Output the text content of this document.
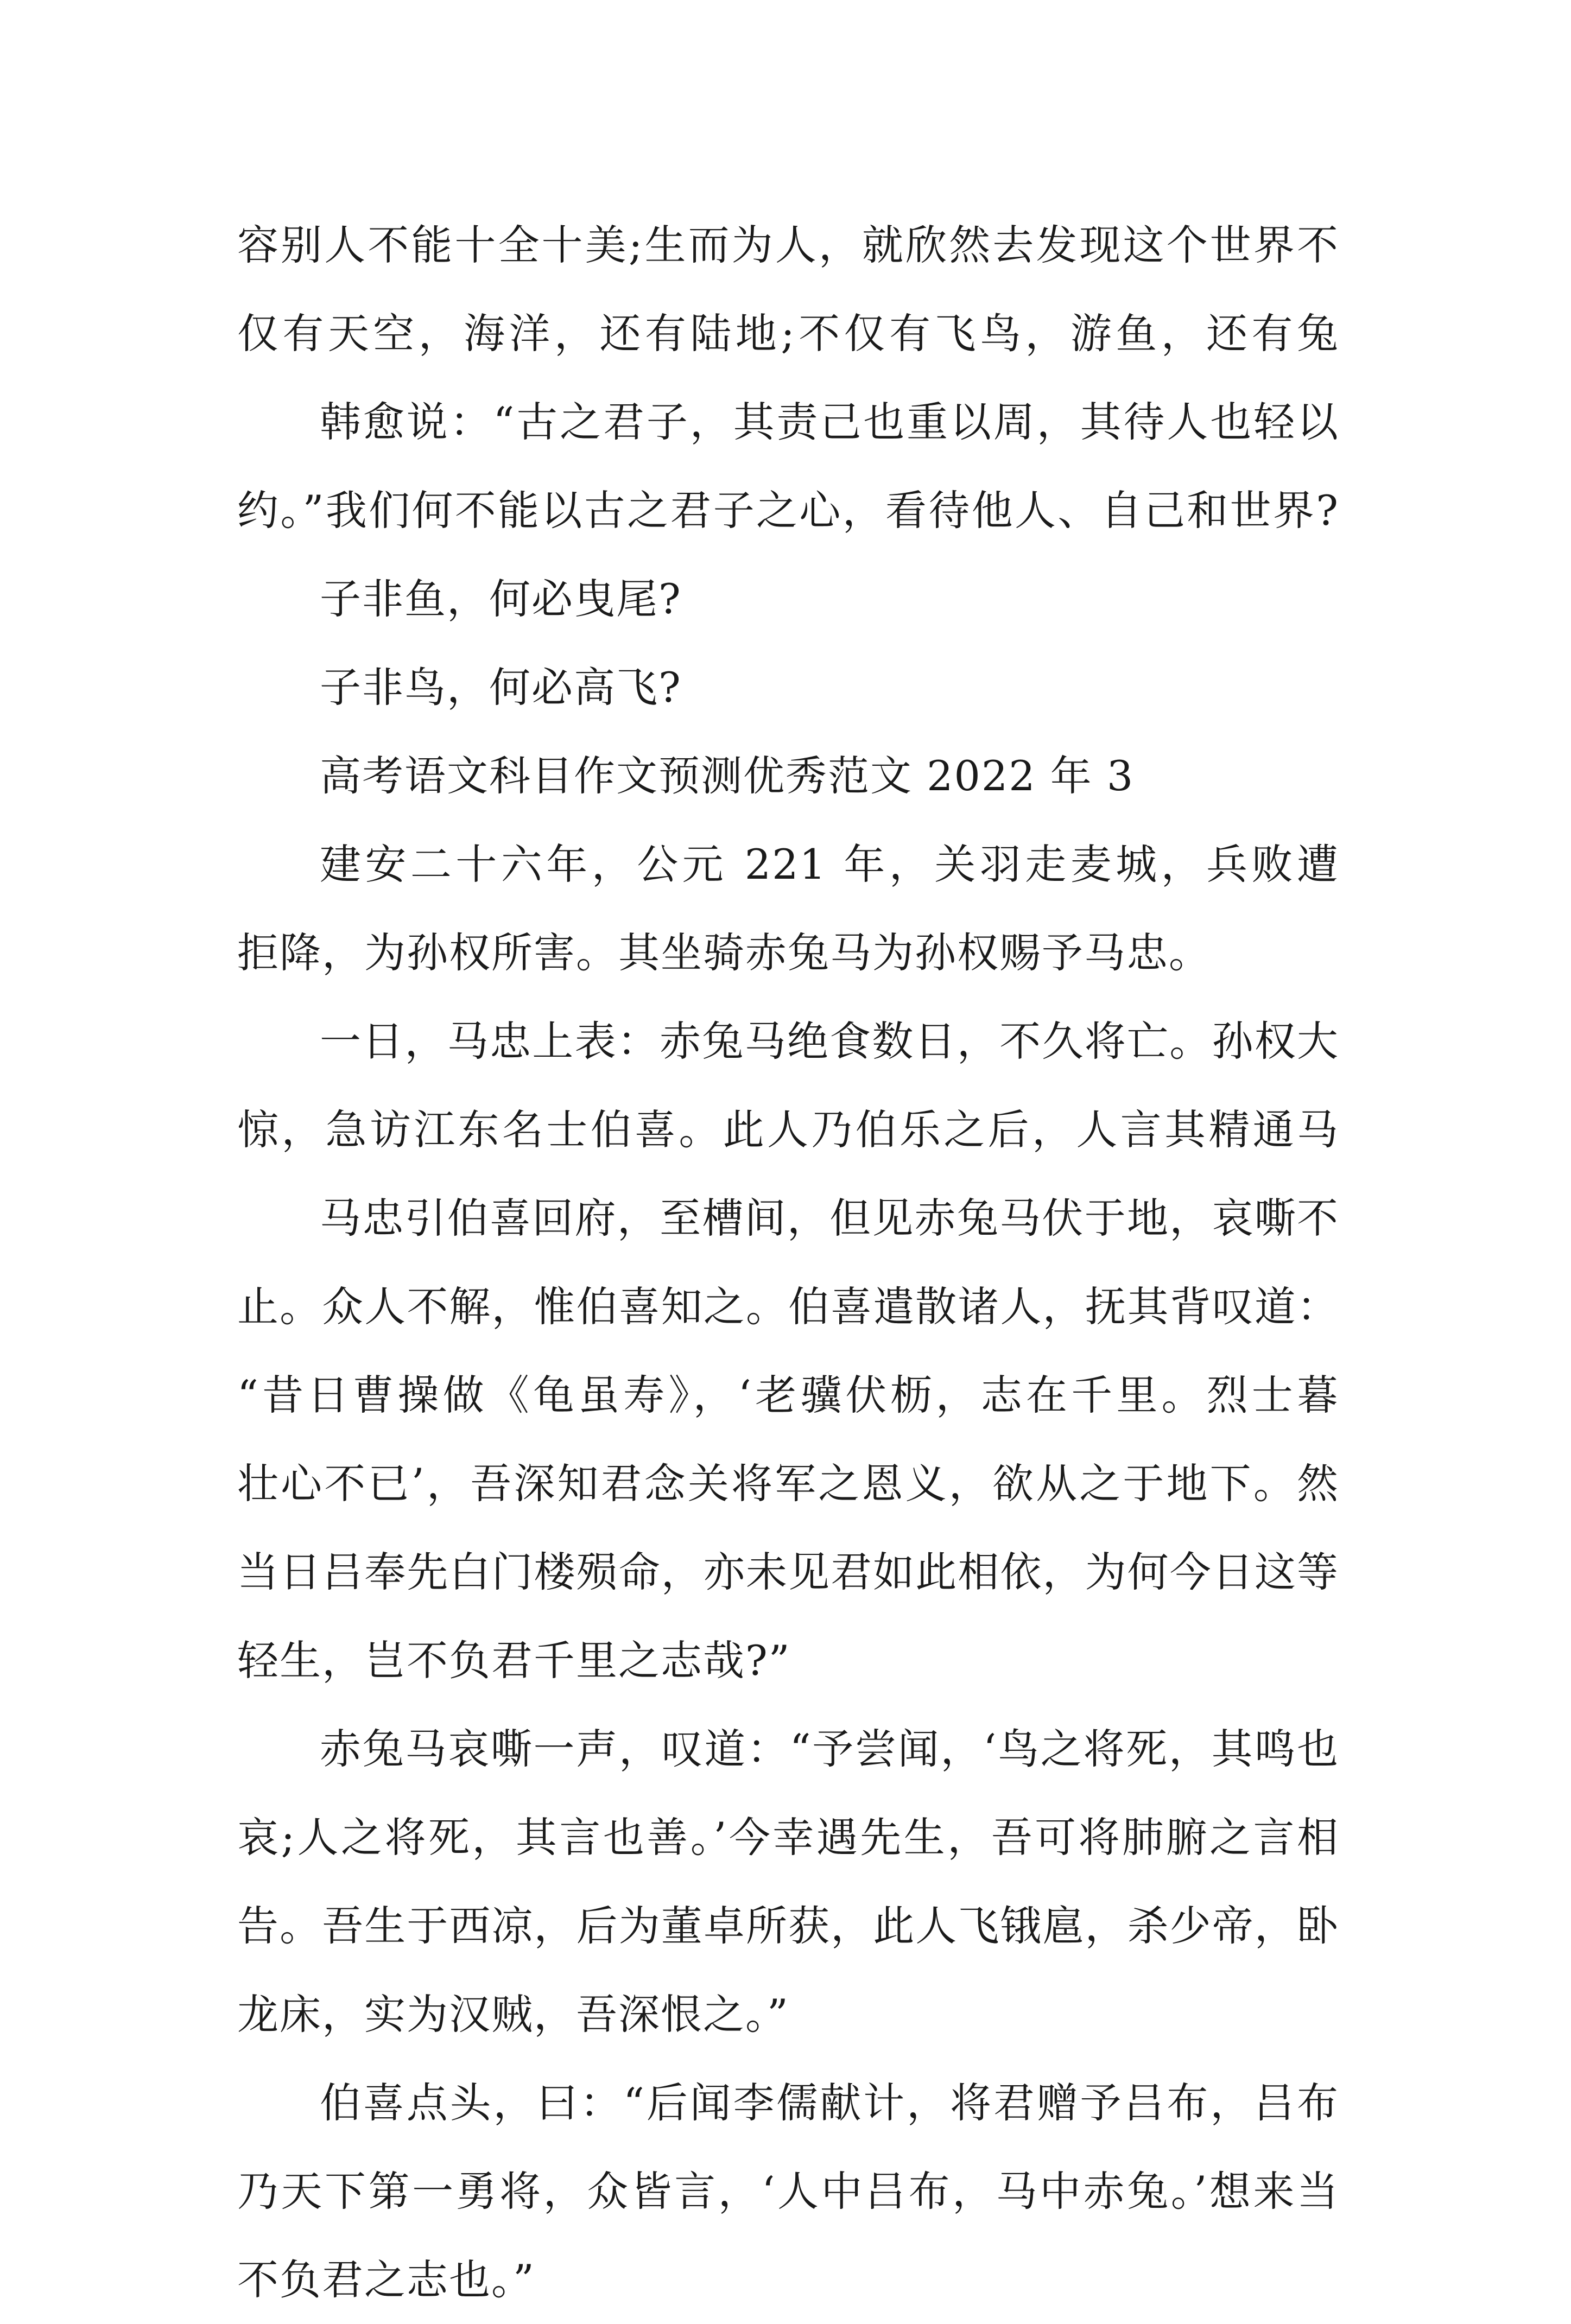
容别人不能十全十美;生而为人，就欣然去发现这个世界不
仅有天空，海洋，还有陆地;不仅有飞鸟，游鱼，还有兔
韩愈说：“古之君子，其责己也重以周，其待人也轻以
约。”我们何不能以古之君子之心，看待他人、自己和世界?
子非鱼，何必曳尾?
子非鸟，何必高飞?
高考语文科目作文预测优秀范文 2022 年 3
建安二十六年，公元 221 年，关羽走麦城，兵败遭
拒降，为孙权所害。其坐骑赤兔马为孙权赐予马忠。
一日，马忠上表：赤兔马绝食数日，不久将亡。孙权大
惊，急访江东名士伯喜。此人乃伯乐之后，人言其精通马
马忠引伯喜回府，至槽间，但见赤兔马伏于地，哀嘶不
止。众人不解，惟伯喜知之。伯喜遣散诸人，抚其背叹道：
“昔日曹操做《龟虽寿》，‘老骥伏枥，志在千里。烈士暮
壮心不已’，吾深知君念关将军之恩义，欲从之于地下。然
当日吕奉先白门楼殒命，亦未见君如此相依，为何今日这等
轻生，岂不负君千里之志哉?”
赤兔马哀嘶一声，叹道：“予尝闻，‘鸟之将死，其鸣也
哀;人之将死，其言也善。’今幸遇先生，吾可将肺腑之言相
告。吾生于西凉，后为董卓所获，此人飞锇扈，杀少帝，卧
龙床，实为汉贼，吾深恨之。”
伯喜点头，曰：“后闻李儒献计，将君赠予吕布，吕布
乃天下第一勇将，众皆言，‘人中吕布，马中赤兔。’想来当
不负君之志也。”
